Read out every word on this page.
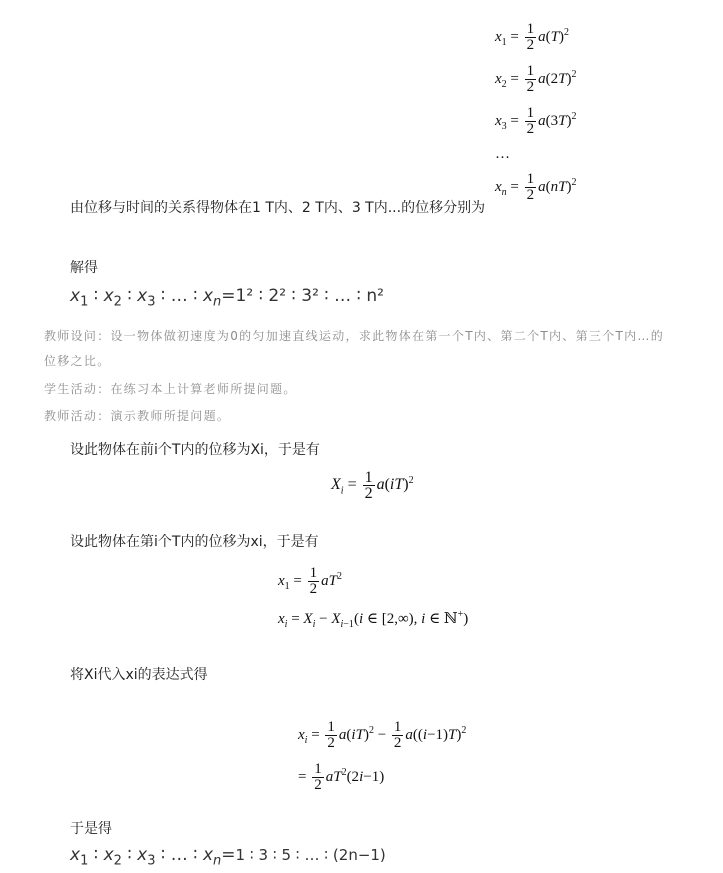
$x_1 = \frac{1}{2} a(T)^2$
$x_2 = \frac{1}{2} a(2T)^2$
$x_3 = \frac{1}{2} a(3T)^2$
…
$x_n = \frac{1}{2} a(nT)^2$
由位移与时间的关系得物体在1 T内、2 T内、3 T内...的位移分别为
解得
$x_1$ ∶ $x_2$ ∶ $x_3$ ∶ … ∶ $x_n=1^2$ ∶ 2² ∶ 3² ∶ … ∶ n²
教师设问：设一物体做初速度为0的匀加速直线运动，求此物体在第一个T内、第二个T内、第三个T内…的
位移之比。
学生活动：在练习本上计算老师所提问题。
教师活动：演示教师所提问题。
设此物体在前i个T内的位移为Xi，于是有
$X_i = \frac{1}{2} a(iT)^2$
设此物体在第i个T内的位移为xi，于是有
$x_1 = \frac{1}{2} aT^2$
$x_i = X_i - X_{i-1}(i$ ∈ [2,∞), i ∈ ℕ+)
将Xi代入xi的表达式得
$x_i = \frac{1}{2} a(iT)^2 - \frac{1}{2} a((i-1)T)^2$
= $\frac{1}{2} aT^2(2i-1)$
于是得
$x_1$ ∶ $x_2$ ∶ $x_3$ ∶ … ∶ $x_n=1$ ∶ 3 ∶ 5 ∶ … ∶ (2n−1)
